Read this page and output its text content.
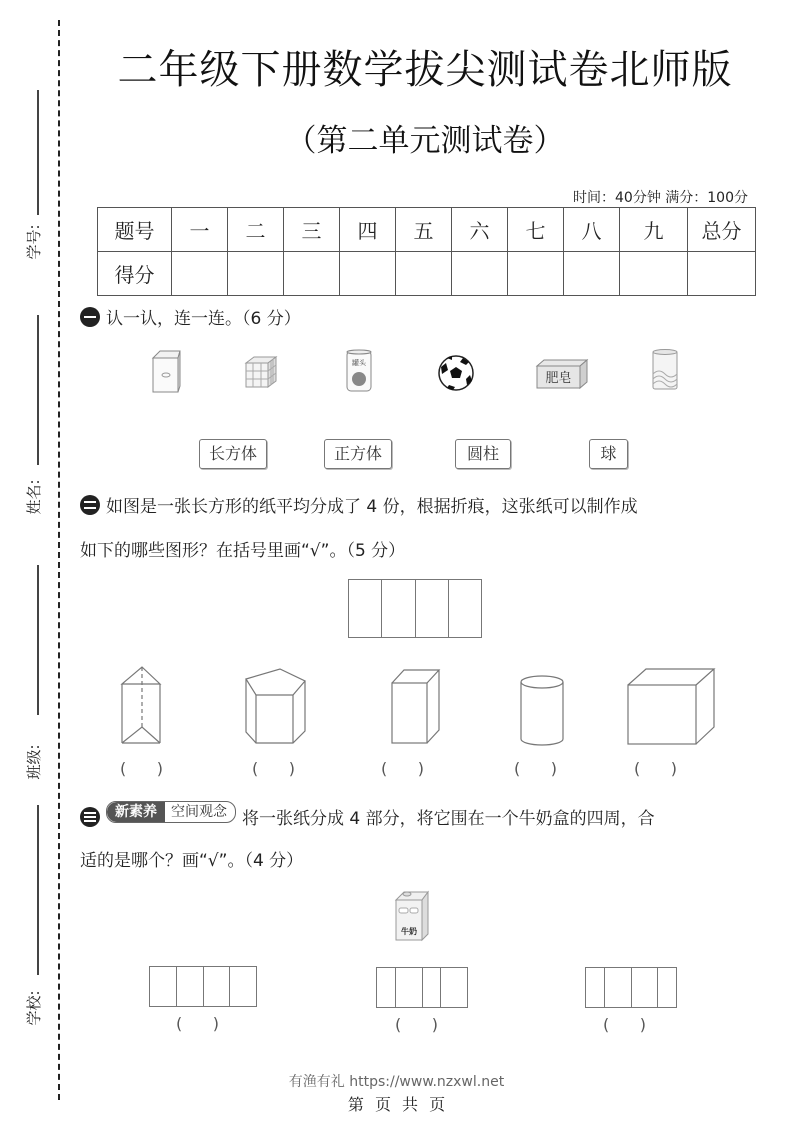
学号:
姓名:
班级:
学校:
二年级下册数学拔尖测试卷北师版
（第二单元测试卷）
时间：40分钟 满分：100分
题号	一	二	三	四	五	六	七	八	九	总分
得分										
认一认，连一连。（6 分）
罐头
肥皂
长方体	正方体	圆柱	球
如图是一张长方形的纸平均分成了 4 份，根据折痕，这张纸可以制作成
如下的哪些图形？在括号里画“√”。（5 分）
(      )	(      )	(      )	(      )	(      )
新素养 空间观念 将一张纸分成 4 部分，将它围在一个牛奶盒的四周，合
适的是哪个？画“√”。（4 分）
牛奶
(      )	(      )	(      )
有渔有礼 https://www.nzxwl.net
第 页 共 页
